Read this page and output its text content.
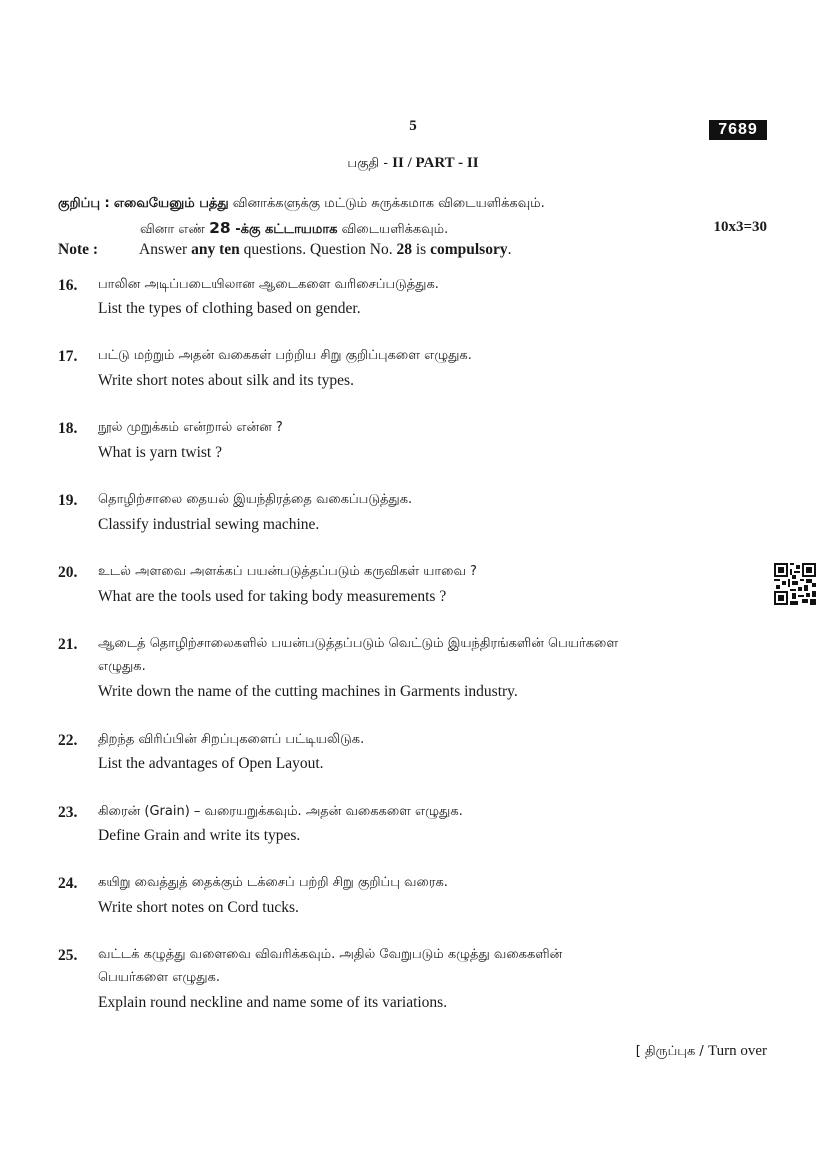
5	7689
பகுதி - II / PART - II
குறிப்பு : எவையேனும் பத்து வினாக்களுக்கு மட்டும் சுருக்கமாக விடையளிக்கவும்.
வினா எண் 28 -க்கு கட்டாயமாக விடையளிக்கவும்.	10x3=30
Note :	Answer any ten questions. Question No. 28 is compulsory.
16. பாலின அடிப்படையிலான ஆடைகளை வரிசைப்படுத்துக.
List the types of clothing based on gender.
17. பட்டு மற்றும் அதன் வகைகள் பற்றிய சிறு குறிப்புகளை எழுதுக.
Write short notes about silk and its types.
18. நூல் முறுக்கம் என்றால் என்ன ?
What is yarn twist ?
19. தொழிற்சாலை தையல் இயந்திரத்தை வகைப்படுத்துக.
Classify industrial sewing machine.
20. உடல் அளவை அளக்கப் பயன்படுத்தப்படும் கருவிகள் யாவை ?
What are the tools used for taking body measurements ?
21. ஆடைத் தொழிற்சாலைகளில் பயன்படுத்தப்படும் வெட்டும் இயந்திரங்களின் பெயர்களை
எழுதுக.
Write down the name of the cutting machines in Garments industry.
22. திறந்த விரிப்பின் சிறப்புகளைப் பட்டியலிடுக.
List the advantages of Open Layout.
23. கிரைன் (Grain) – வரையறுக்கவும். அதன் வகைகளை எழுதுக.
Define Grain and write its types.
24. கயிறு வைத்துத் தைக்கும் டக்சைப் பற்றி சிறு குறிப்பு வரைக.
Write short notes on Cord tucks.
25. வட்டக் கழுத்து வளைவை விவரிக்கவும். அதில் வேறுபடும் கழுத்து வகைகளின்
பெயர்களை எழுதுக.
Explain round neckline and name some of its variations.
[ திருப்புக / Turn over
